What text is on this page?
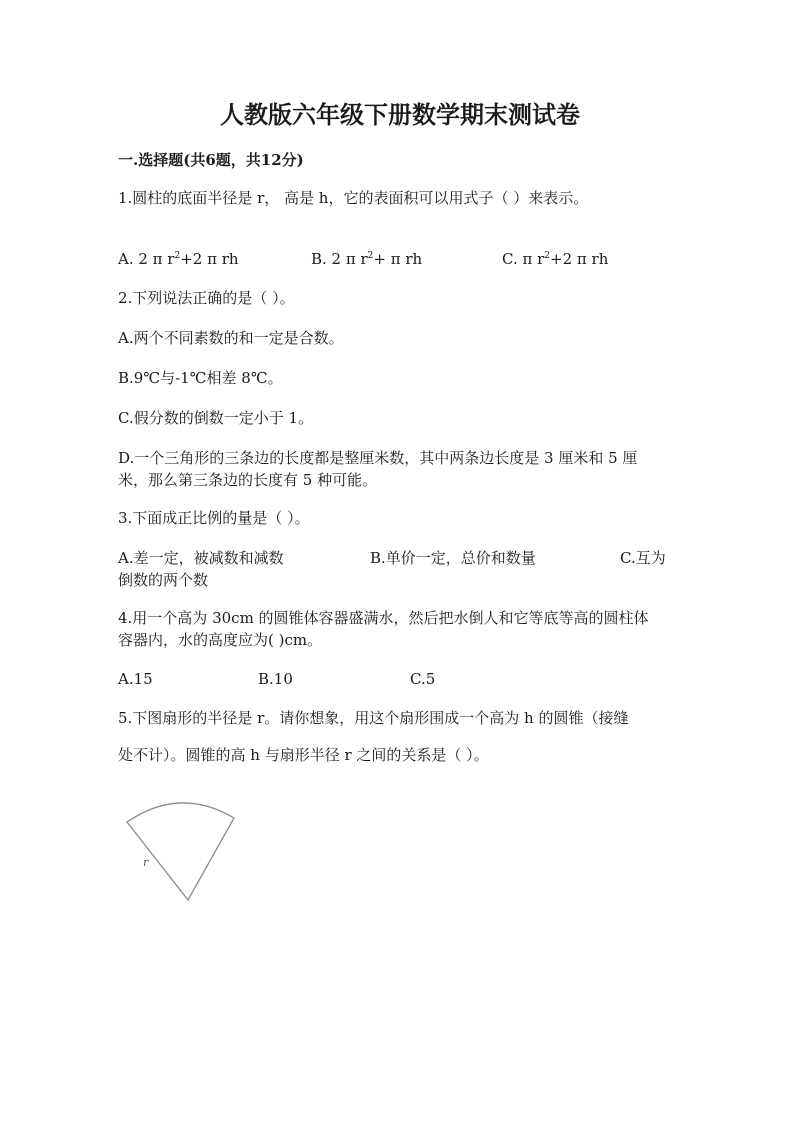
人教版六年级下册数学期末测试卷
一.选择题(共6题，共12分)
1.圆柱的底面半径是 r， 高是 h，它的表面积可以用式子（ ）来表示。
A. 2 π $r^2+2$ π rh	B. 2 π $r^2+ \pi$ rh	C. π $r^2+2$ π rh
2.下列说法正确的是（ ）。
A.两个不同素数的和一定是合数。
B.9℃与-1℃相差 8℃。
C.假分数的倒数一定小于 1。
D.一个三角形的三条边的长度都是整厘米数，其中两条边长度是 3 厘米和 5 厘
米，那么第三条边的长度有 5 种可能。
3.下面成正比例的量是（ ）。
A.差一定，被减数和减数	B.单价一定，总价和数量	C.互为
倒数的两个数
4.用一个高为 30cm 的圆锥体容器盛满水，然后把水倒人和它等底等高的圆柱体
容器内，水的高度应为( )cm。
A.15	B.10	C.5
5.下图扇形的半径是 r。请你想象，用这个扇形围成一个高为 h 的圆锥（接缝
处不计）。圆锥的高 h 与扇形半径 r 之间的关系是（ ）。
r
